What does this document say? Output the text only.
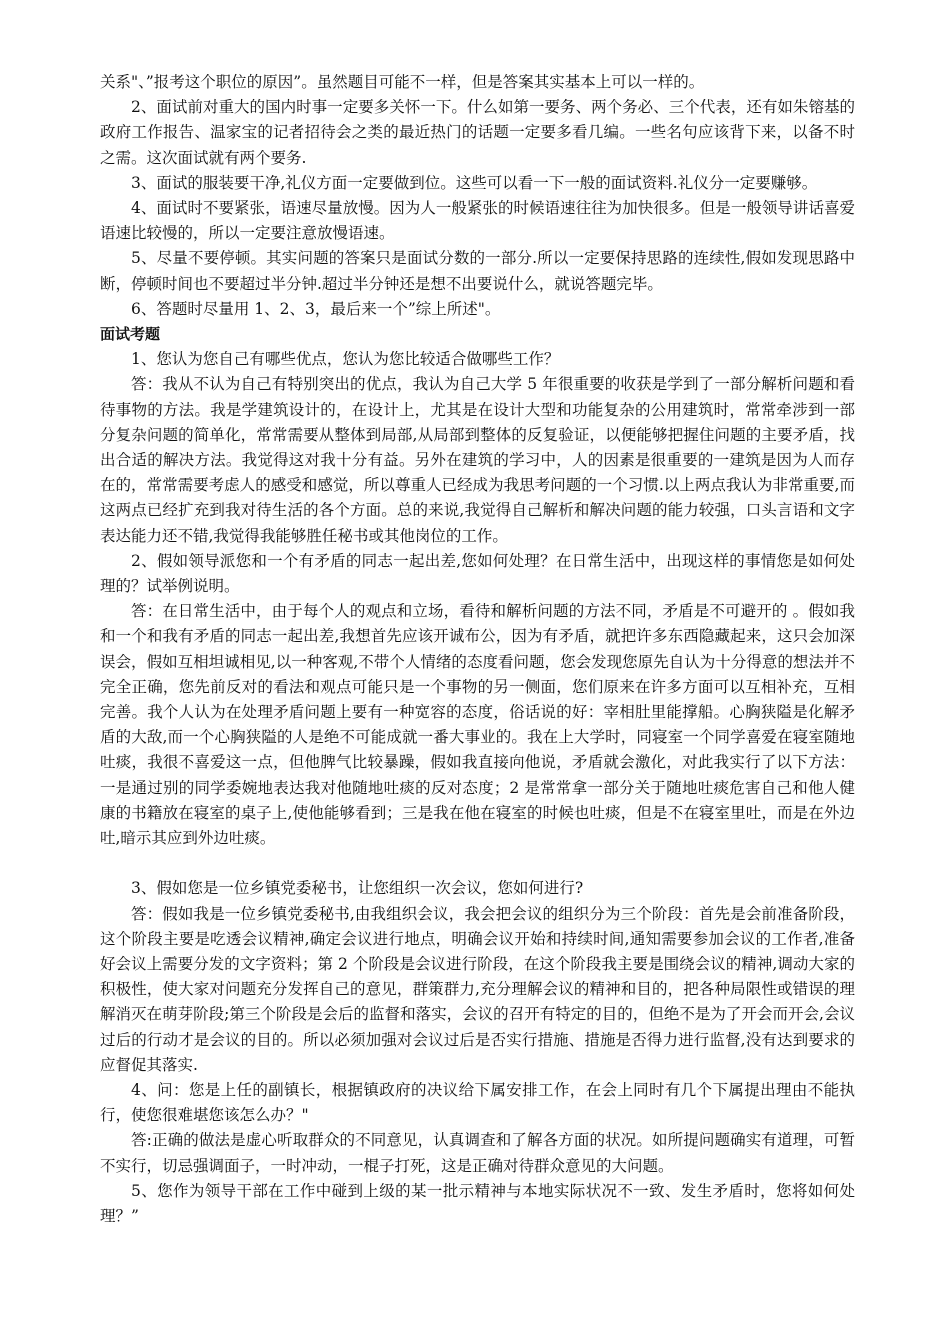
关系"、”报考这个职位的原因”。虽然题目可能不一样，但是答案其实基本上可以一样的。

2、面试前对重大的国内时事一定要多关怀一下。什么如第一要务、两个务必、三个代表，还有如朱镕基的政府工作报告、温家宝的记者招待会之类的最近热门的话题一定要多看几编。一些名句应该背下来，以备不时之需。这次面试就有两个要务.

3、面试的服装要干净,礼仪方面一定要做到位。这些可以看一下一般的面试资料.礼仪分一定要赚够。

4、面试时不要紧张，语速尽量放慢。因为人一般紧张的时候语速往往为加快很多。但是一般领导讲话喜爱语速比较慢的，所以一定要注意放慢语速。

5、尽量不要停顿。其实问题的答案只是面试分数的一部分.所以一定要保持思路的连续性,假如发现思路中断，停顿时间也不要超过半分钟.超过半分钟还是想不出要说什么，就说答题完毕。

6、答题时尽量用 1、2、3，最后来一个”综上所述"。

面试考题

1、您认为您自己有哪些优点，您认为您比较适合做哪些工作？

答：我从不认为自己有特别突出的优点，我认为自己大学 5 年很重要的收获是学到了一部分解析问题和看待事物的方法。我是学建筑设计的，在设计上，尤其是在设计大型和功能复杂的公用建筑时，常常牵涉到一部分复杂问题的简单化，常常需要从整体到局部,从局部到整体的反复验证，以便能够把握住问题的主要矛盾，找出合适的解决方法。我觉得这对我十分有益。另外在建筑的学习中，人的因素是很重要的一建筑是因为人而存在的，常常需要考虑人的感受和感觉，所以尊重人已经成为我思考问题的一个习惯.以上两点我认为非常重要,而这两点已经扩充到我对待生活的各个方面。总的来说,我觉得自己解析和解决问题的能力较强，口头言语和文字表达能力还不错,我觉得我能够胜任秘书或其他岗位的工作。

2、假如领导派您和一个有矛盾的同志一起出差,您如何处理？在日常生活中，出现这样的事情您是如何处理的？试举例说明。

答：在日常生活中，由于每个人的观点和立场，看待和解析问题的方法不同，矛盾是不可避开的 。假如我和一个和我有矛盾的同志一起出差,我想首先应该开诚布公，因为有矛盾，就把许多东西隐藏起来，这只会加深误会，假如互相坦诚相见,以一种客观,不带个人情绪的态度看问题，您会发现您原先自认为十分得意的想法并不完全正确，您先前反对的看法和观点可能只是一个事物的另一侧面，您们原来在许多方面可以互相补充，互相完善。我个人认为在处理矛盾问题上要有一种宽容的态度，俗话说的好：宰相肚里能撑船。心胸狭隘是化解矛盾的大敌,而一个心胸狭隘的人是绝不可能成就一番大事业的。我在上大学时，同寝室一个同学喜爱在寝室随地吐痰，我很不喜爱这一点，但他脾气比较暴躁，假如我直接向他说，矛盾就会激化，对此我实行了以下方法：一是通过别的同学委婉地表达我对他随地吐痰的反对态度；2 是常常拿一部分关于随地吐痰危害自己和他人健康的书籍放在寝室的桌子上,使他能够看到；三是我在他在寝室的时候也吐痰，但是不在寝室里吐，而是在外边吐,暗示其应到外边吐痰。

3、假如您是一位乡镇党委秘书，让您组织一次会议，您如何进行?

答：假如我是一位乡镇党委秘书,由我组织会议，我会把会议的组织分为三个阶段：首先是会前准备阶段，这个阶段主要是吃透会议精神,确定会议进行地点，明确会议开始和持续时间,通知需要参加会议的工作者,准备好会议上需要分发的文字资料；第 2 个阶段是会议进行阶段，在这个阶段我主要是围绕会议的精神,调动大家的积极性，使大家对问题充分发挥自己的意见，群策群力,充分理解会议的精神和目的，把各种局限性或错误的理解消灭在萌芽阶段;第三个阶段是会后的监督和落实，会议的召开有特定的目的，但绝不是为了开会而开会,会议过后的行动才是会议的目的。所以必须加强对会议过后是否实行措施、措施是否得力进行监督,没有达到要求的应督促其落实.

4、问：您是上任的副镇长，根据镇政府的决议给下属安排工作，在会上同时有几个下属提出理由不能执行，使您很难堪您该怎么办？"

答:正确的做法是虚心听取群众的不同意见，认真调查和了解各方面的状况。如所提问题确实有道理，可暂不实行，切忌强调面子，一时冲动，一棍子打死，这是正确对待群众意见的大问题。

5、您作为领导干部在工作中碰到上级的某一批示精神与本地实际状况不一致、发生矛盾时，您将如何处理？”
